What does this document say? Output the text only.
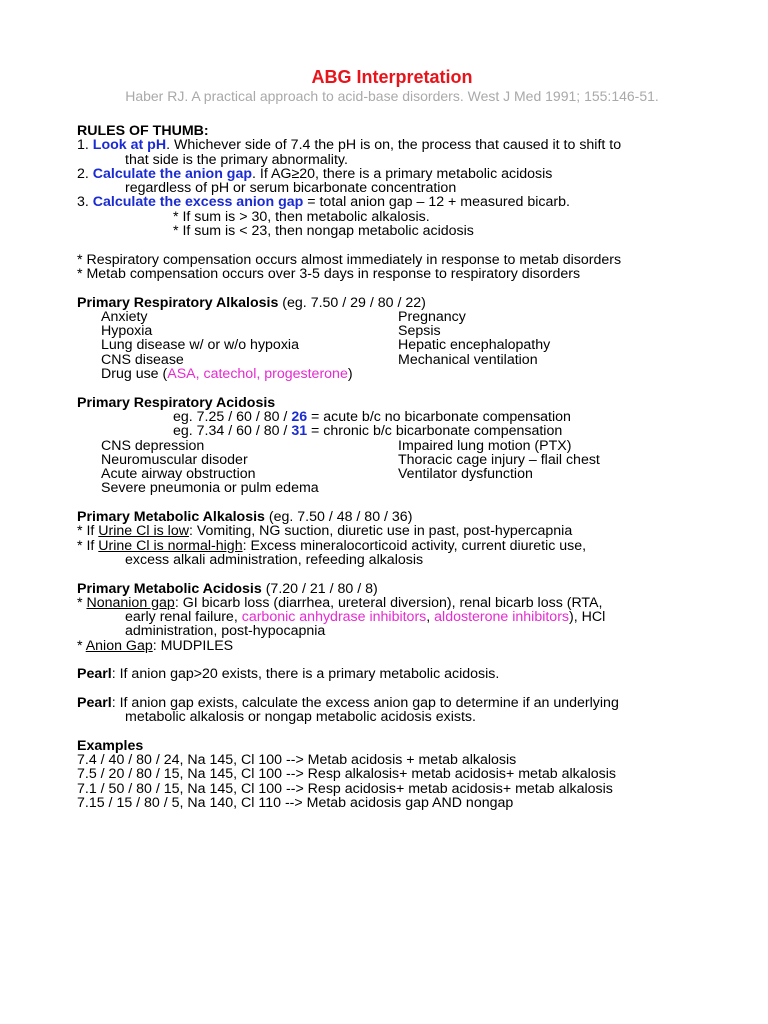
ABG Interpretation
Haber RJ. A practical approach to acid-base disorders. West J Med 1991; 155:146-51.
RULES OF THUMB:
1. Look at pH. Whichever side of 7.4 the pH is on, the process that caused it to shift to
that side is the primary abnormality.
2. Calculate the anion gap. If AG≥20, there is a primary metabolic acidosis
regardless of pH or serum bicarbonate concentration
3. Calculate the excess anion gap = total anion gap – 12 + measured bicarb.
* If sum is > 30, then metabolic alkalosis.
* If sum is < 23, then nongap metabolic acidosis
* Respiratory compensation occurs almost immediately in response to metab disorders
* Metab compensation occurs over 3-5 days in response to respiratory disorders
Primary Respiratory Alkalosis (eg. 7.50 / 29 / 80 / 22)
Anxiety	Pregnancy
Hypoxia	Sepsis
Lung disease w/ or w/o hypoxia	Hepatic encephalopathy
CNS disease	Mechanical ventilation
Drug use (ASA, catechol, progesterone)
Primary Respiratory Acidosis
eg. 7.25 / 60 / 80 / 26 = acute b/c no bicarbonate compensation
eg. 7.34 / 60 / 80 / 31 = chronic b/c bicarbonate compensation
CNS depression	Impaired lung motion (PTX)
Neuromuscular disoder	Thoracic cage injury – flail chest
Acute airway obstruction	Ventilator dysfunction
Severe pneumonia or pulm edema
Primary Metabolic Alkalosis (eg. 7.50 / 48 / 80 / 36)
* If Urine Cl is low: Vomiting, NG suction, diuretic use in past, post-hypercapnia
* If Urine Cl is normal-high: Excess mineralocorticoid activity, current diuretic use,
excess alkali administration, refeeding alkalosis
Primary Metabolic Acidosis (7.20 / 21 / 80 / 8)
* Nonanion gap: GI bicarb loss (diarrhea, ureteral diversion), renal bicarb loss (RTA,
early renal failure, carbonic anhydrase inhibitors, aldosterone inhibitors), HCl
administration, post-hypocapnia
* Anion Gap: MUDPILES
Pearl: If anion gap>20 exists, there is a primary metabolic acidosis.
Pearl: If anion gap exists, calculate the excess anion gap to determine if an underlying
metabolic alkalosis or nongap metabolic acidosis exists.
Examples
7.4 / 40 / 80 / 24, Na 145, Cl 100 --> Metab acidosis + metab alkalosis
7.5 / 20 / 80 / 15, Na 145, Cl 100 --> Resp alkalosis+ metab acidosis+ metab alkalosis
7.1 / 50 / 80 / 15, Na 145, Cl 100 --> Resp acidosis+ metab acidosis+ metab alkalosis
7.15 / 15 / 80 / 5, Na 140, Cl 110 --> Metab acidosis gap AND nongap
